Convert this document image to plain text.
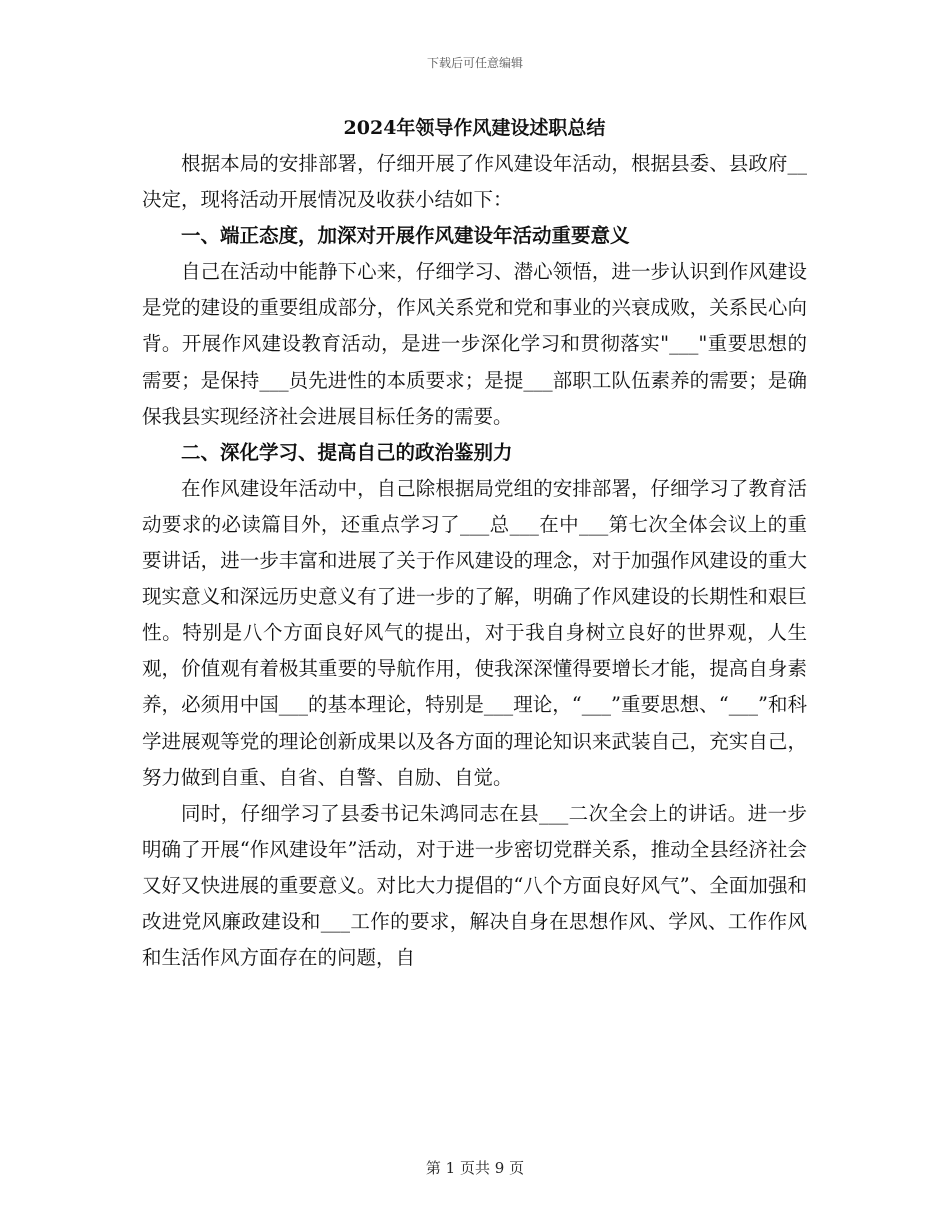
下载后可任意编辑
2024年领导作风建设述职总结

根据本局的安排部署，仔细开展了作风建设年活动，根据县委、县政府__决定，现将活动开展情况及收获小结如下：

一、端正态度，加深对开展作风建设年活动重要意义

自己在活动中能静下心来，仔细学习、潜心领悟，进一步认识到作风建设是党的建设的重要组成部分，作风关系党和党和事业的兴衰成败，关系民心向背。开展作风建设教育活动，是进一步深化学习和贯彻落实"___"重要思想的需要；是保持___员先进性的本质要求；是提___部职工队伍素养的需要；是确保我县实现经济社会进展目标任务的需要。

二、深化学习、提高自己的政治鉴别力

在作风建设年活动中，自己除根据局党组的安排部署，仔细学习了教育活动要求的必读篇目外，还重点学习了___总___在中___第七次全体会议上的重要讲话，进一步丰富和进展了关于作风建设的理念，对于加强作风建设的重大现实意义和深远历史意义有了进一步的了解，明确了作风建设的长期性和艰巨性。特别是八个方面良好风气的提出，对于我自身树立良好的世界观，人生观，价值观有着极其重要的导航作用，使我深深懂得要增长才能，提高自身素养，必须用中国___的基本理论，特别是___理论，“___”重要思想、“___”和科学进展观等党的理论创新成果以及各方面的理论知识来武装自己，充实自己，努力做到自重、自省、自警、自励、自觉。

同时，仔细学习了县委书记朱鸿同志在县___二次全会上的讲话。进一步明确了开展“作风建设年”活动，对于进一步密切党群关系，推动全县经济社会又好又快进展的重要意义。对比大力提倡的“八个方面良好风气”、全面加强和改进党风廉政建设和___工作的要求，解决自身在思想作风、学风、工作作风和生活作风方面存在的问题，自

第 1 页共 9 页
